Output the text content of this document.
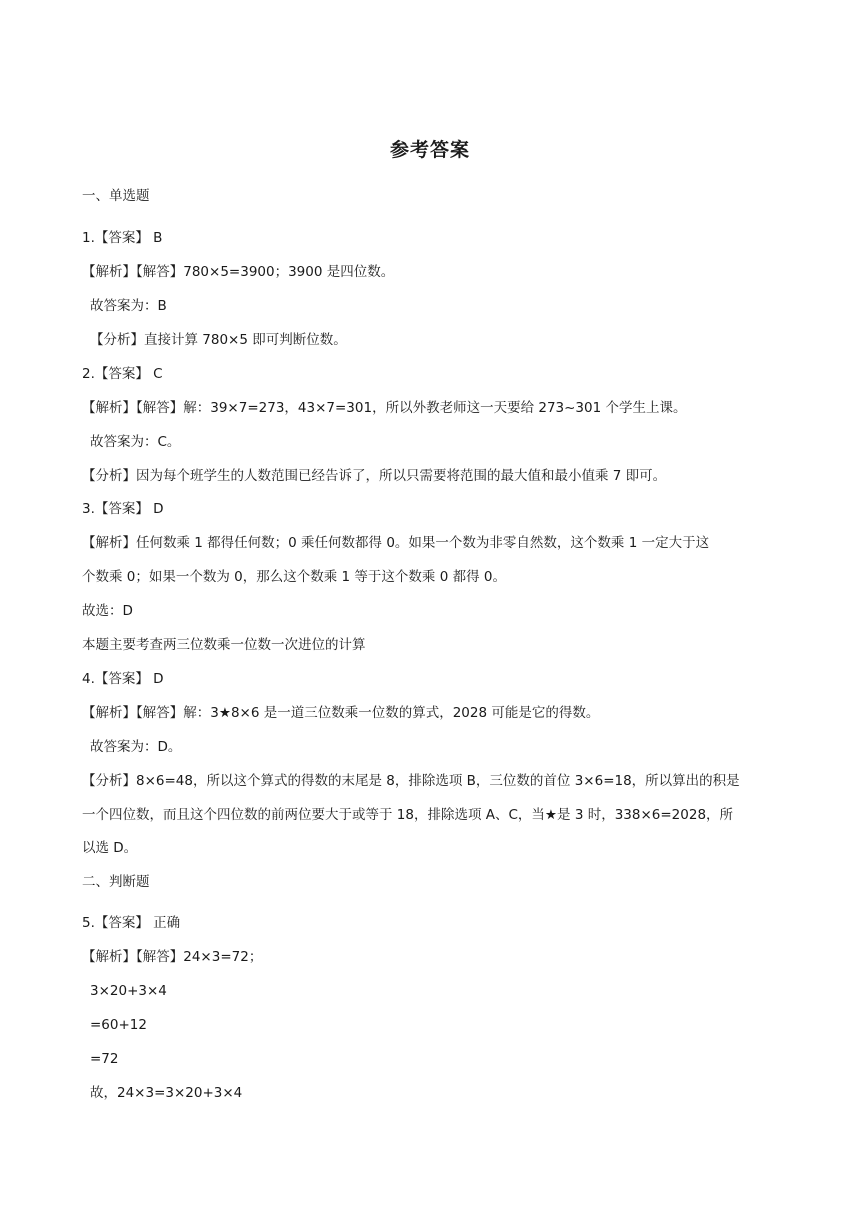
参考答案
一、单选题
1.【答案】 B
【解析】【解答】780×5=3900；3900 是四位数。
故答案为：B
【分析】直接计算 780×5 即可判断位数。
2.【答案】 C
【解析】【解答】解：39×7=273，43×7=301，所以外教老师这一天要给 273~301 个学生上课。
故答案为：C。
【分析】因为每个班学生的人数范围已经告诉了，所以只需要将范围的最大值和最小值乘 7 即可。
3.【答案】 D
【解析】任何数乘 1 都得任何数；0 乘任何数都得 0。如果一个数为非零自然数，这个数乘 1 一定大于这
个数乘 0；如果一个数为 0，那么这个数乘 1 等于这个数乘 0 都得 0。
故选：D
本题主要考查两三位数乘一位数一次进位的计算
4.【答案】 D
【解析】【解答】解：3★8×6 是一道三位数乘一位数的算式，2028 可能是它的得数。
故答案为：D。
【分析】8×6=48，所以这个算式的得数的末尾是 8，排除选项 B，三位数的首位 3×6=18，所以算出的积是
一个四位数，而且这个四位数的前两位要大于或等于 18，排除选项 A、C，当★是 3 时，338×6=2028，所
以选 D。
二、判断题
5.【答案】 正确
【解析】【解答】24×3=72；
3×20+3×4
=60+12
=72
故，24×3=3×20+3×4
